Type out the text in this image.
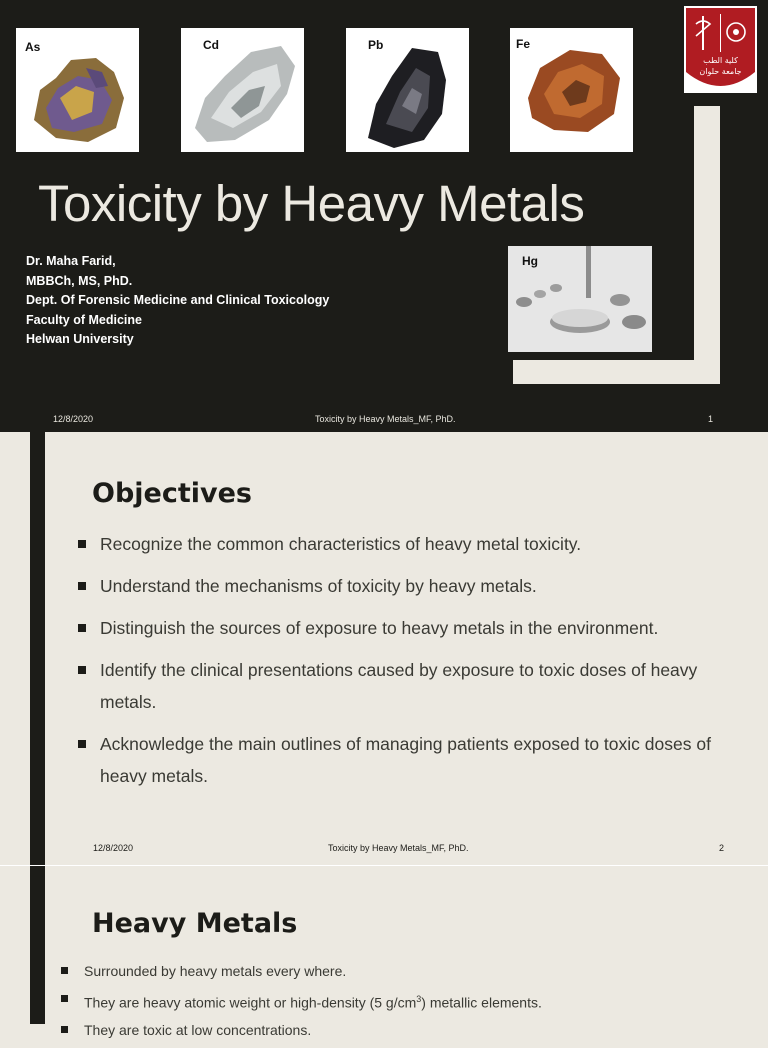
As	Cd	Pb	Fe
كلية الطب
جامعة حلوان
Toxicity by Heavy Metals
Dr. Maha Farid,
MBBCh, MS, PhD.
Dept. Of Forensic Medicine and Clinical Toxicology
Faculty of Medicine
Helwan University
Hg
12/8/2020	Toxicity by Heavy Metals_MF, PhD.	1
Objectives
Recognize the common characteristics of heavy metal toxicity.
Understand the mechanisms of toxicity by heavy metals.
Distinguish the sources of exposure to heavy metals in the environment.
Identify the clinical presentations caused by exposure to toxic doses of heavy metals.
Acknowledge the main outlines of managing patients exposed to toxic doses of heavy metals.
12/8/2020	Toxicity by Heavy Metals_MF, PhD.	2
Heavy Metals
Surrounded by heavy metals every where.
They are heavy atomic weight or high-density (5 $g/cm^3$) metallic elements.
They are toxic at low concentrations.
